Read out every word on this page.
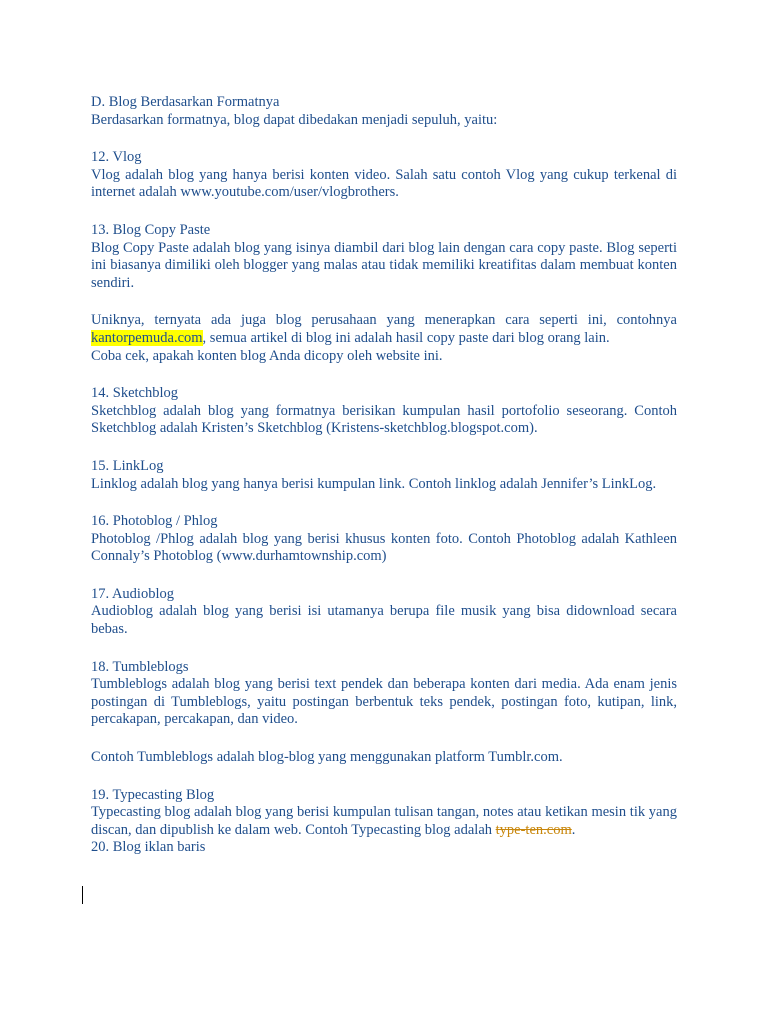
D. Blog Berdasarkan Formatnya

Berdasarkan formatnya, blog dapat dibedakan menjadi sepuluh, yaitu:

12. Vlog

Vlog adalah blog yang hanya berisi konten video. Salah satu contoh Vlog yang cukup terkenal di internet adalah www.youtube.com/user/vlogbrothers.

13. Blog Copy Paste

Blog Copy Paste adalah blog yang isinya diambil dari blog lain dengan cara copy paste. Blog seperti ini biasanya dimiliki oleh blogger yang malas atau tidak memiliki kreatifitas dalam membuat konten sendiri.

Uniknya, ternyata ada juga blog perusahaan yang menerapkan cara seperti ini, contohnya kantorpemuda.com, semua artikel di blog ini adalah hasil copy paste dari blog orang lain.

Coba cek, apakah konten blog Anda dicopy oleh website ini.

14. Sketchblog

Sketchblog adalah blog yang formatnya berisikan kumpulan hasil portofolio seseorang. Contoh Sketchblog adalah Kristen’s Sketchblog (Kristens-sketchblog.blogspot.com).

15. LinkLog

Linklog adalah blog yang hanya berisi kumpulan link. Contoh linklog adalah Jennifer’s LinkLog.

16. Photoblog / Phlog

Photoblog /Phlog adalah blog yang berisi khusus konten foto. Contoh Photoblog adalah Kathleen Connaly’s Photoblog (www.durhamtownship.com)

17. Audioblog

Audioblog adalah blog yang berisi isi utamanya berupa file musik yang bisa didownload secara bebas.

18. Tumbleblogs

Tumbleblogs adalah blog yang berisi text pendek dan beberapa konten dari media. Ada enam jenis postingan di Tumbleblogs, yaitu postingan berbentuk teks pendek, postingan foto, kutipan, link, percakapan, percakapan, dan video.

Contoh Tumbleblogs adalah blog-blog yang menggunakan platform Tumblr.com.

19. Typecasting Blog

Typecasting blog adalah blog yang berisi kumpulan tulisan tangan, notes atau ketikan mesin tik yang discan, dan dipublish ke dalam web. Contoh Typecasting blog adalah type-ten.com.

20. Blog iklan baris
